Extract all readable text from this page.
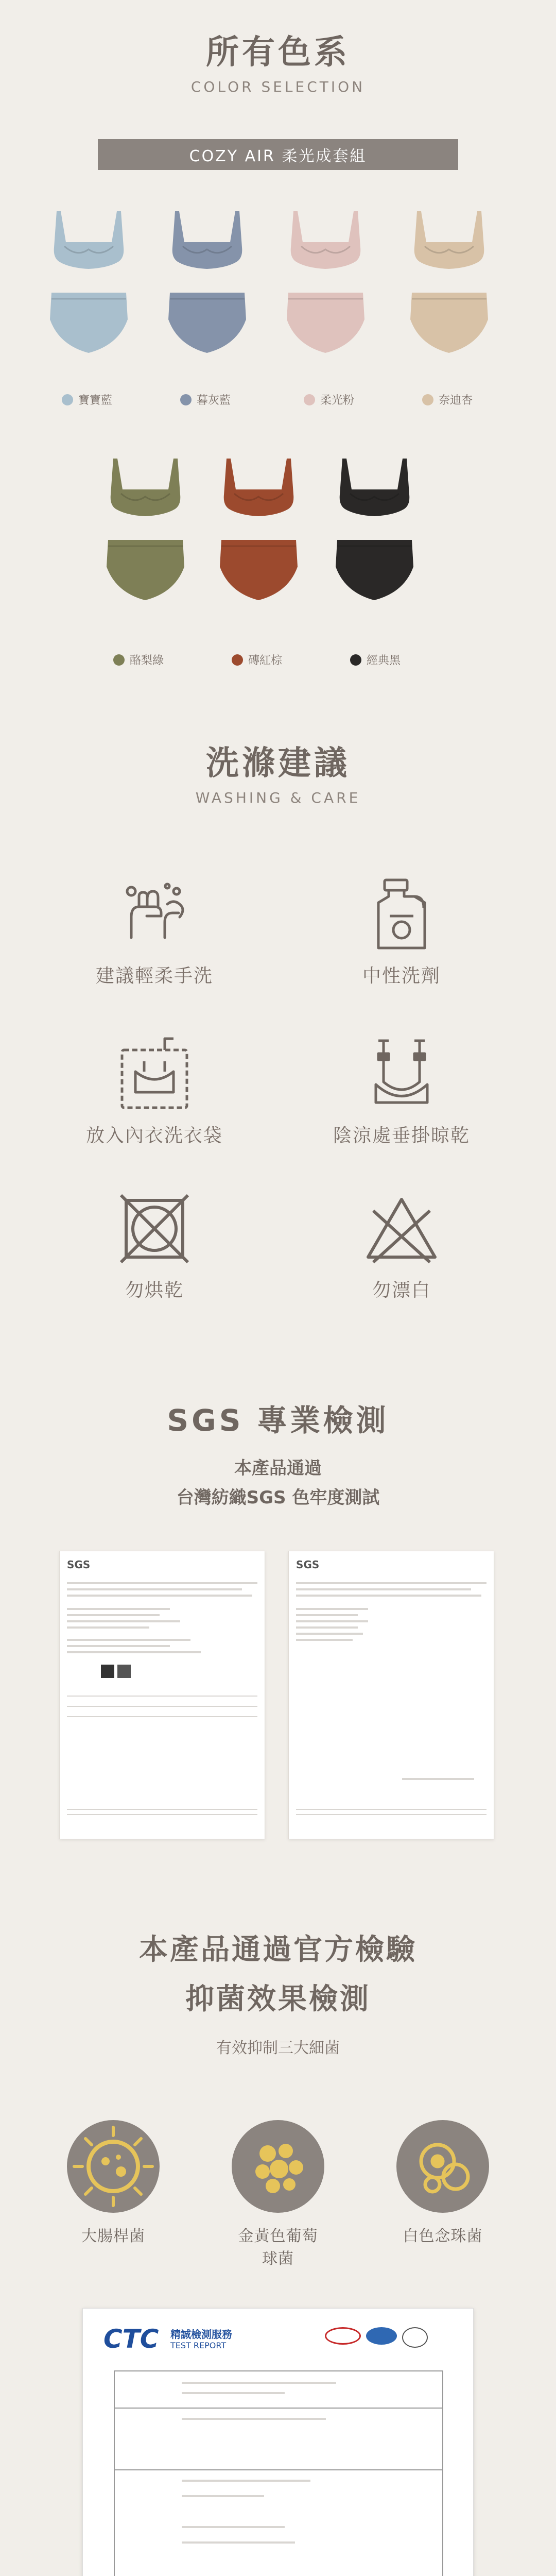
所有色系
COLOR SELECTION
COZY AIR 柔光成套組
寶寶藍	暮灰藍	柔光粉	奈迪杏
酪梨綠	磚紅棕	經典黑
洗滌建議
WASHING & CARE
建議輕柔手洗	中性洗劑
放入內衣洗衣袋	陰涼處垂掛晾乾
勿烘乾	勿漂白
SGS 專業檢測
本產品通過
台灣紡織SGS 色牢度測試
SGS	SGS
本產品通過官方檢驗
抑菌效果檢測
有效抑制三大細菌
大腸桿菌	金黃色葡萄球菌
白色念珠菌
CTC 精誠檢測服務
TEST REPORT
